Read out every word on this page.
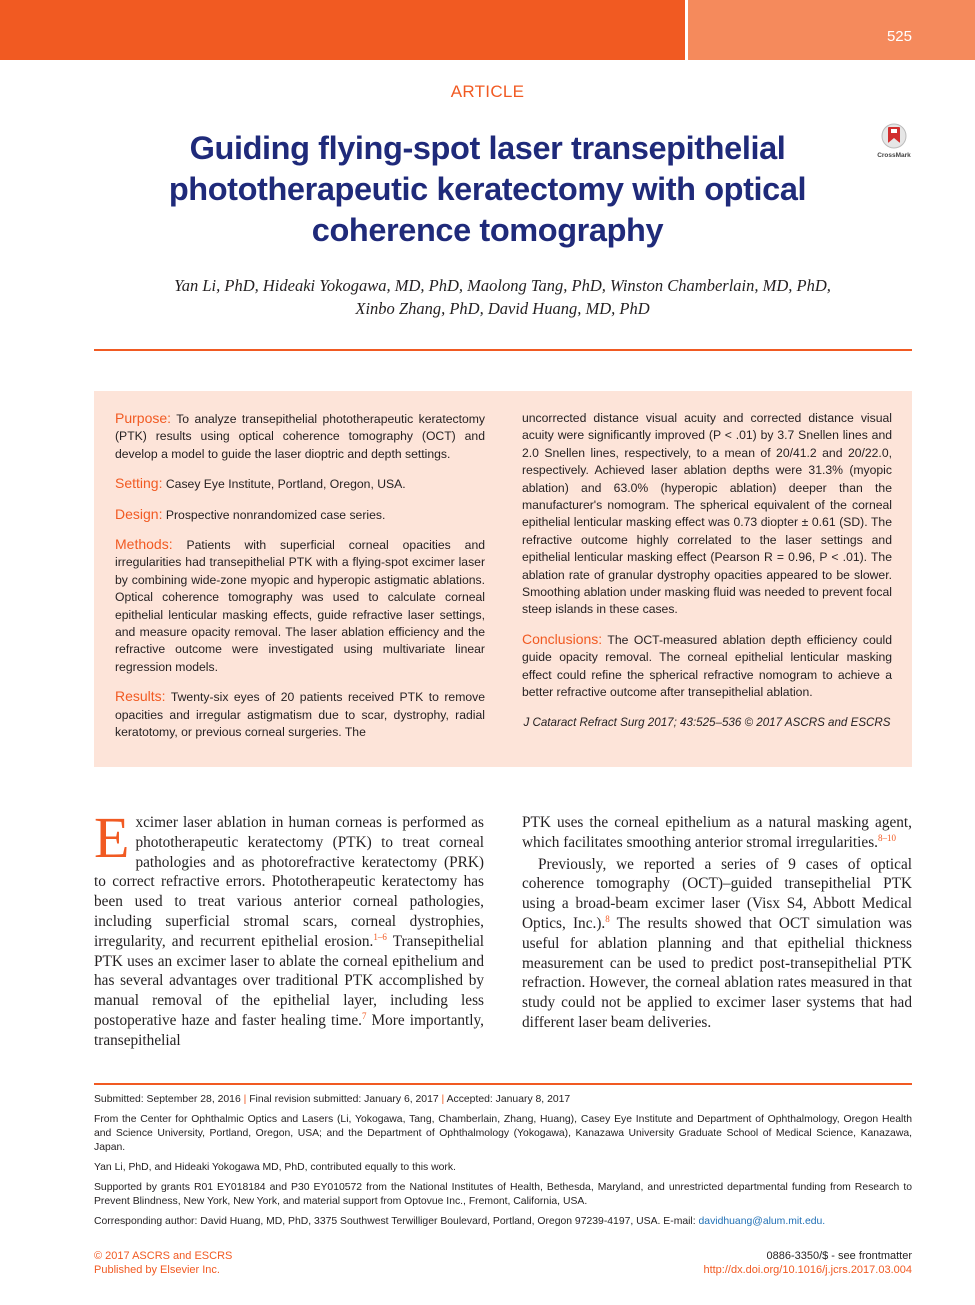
525
ARTICLE
Guiding flying-spot laser transepithelial phototherapeutic keratectomy with optical coherence tomography
CrossMark
Yan Li, PhD, Hideaki Yokogawa, MD, PhD, Maolong Tang, PhD, Winston Chamberlain, MD, PhD,
Xinbo Zhang, PhD, David Huang, MD, PhD

Purpose: To analyze transepithelial phototherapeutic keratectomy (PTK) results using optical coherence tomography (OCT) and develop a model to guide the laser dioptric and depth settings.

Setting: Casey Eye Institute, Portland, Oregon, USA.

Design: Prospective nonrandomized case series.

Methods: Patients with superficial corneal opacities and irregularities had transepithelial PTK with a flying-spot excimer laser by combining wide-zone myopic and hyperopic astigmatic ablations. Optical coherence tomography was used to calculate corneal epithelial lenticular masking effects, guide refractive laser settings, and measure opacity removal. The laser ablation efficiency and the refractive outcome were investigated using multivariate linear regression models.

Results: Twenty-six eyes of 20 patients received PTK to remove opacities and irregular astigmatism due to scar, dystrophy, radial keratotomy, or previous corneal surgeries. The

uncorrected distance visual acuity and corrected distance visual acuity were significantly improved (P < .01) by 3.7 Snellen lines and 2.0 Snellen lines, respectively, to a mean of 20/41.2 and 20/22.0, respectively. Achieved laser ablation depths were 31.3% (myopic ablation) and 63.0% (hyperopic ablation) deeper than the manufacturer's nomogram. The spherical equivalent of the corneal epithelial lenticular masking effect was 0.73 diopter ± 0.61 (SD). The refractive outcome highly correlated to the laser settings and epithelial lenticular masking effect (Pearson R = 0.96, P < .01). The ablation rate of granular dystrophy opacities appeared to be slower. Smoothing ablation under masking fluid was needed to prevent focal steep islands in these cases.

Conclusions: The OCT-measured ablation depth efficiency could guide opacity removal. The corneal epithelial lenticular masking effect could refine the spherical refractive nomogram to achieve a better refractive outcome after transepithelial ablation.

J Cataract Refract Surg 2017; 43:525–536 © 2017 ASCRS and ESCRS

Excimer laser ablation in human corneas is performed as phototherapeutic keratectomy (PTK) to treat corneal pathologies and as photorefractive keratectomy (PRK) to correct refractive errors. Phototherapeutic keratectomy has been used to treat various anterior corneal pathologies, including superficial stromal scars, corneal dystrophies, irregularity, and recurrent epithelial erosion.$^{1-6}$ Transepithelial PTK uses an excimer laser to ablate the corneal epithelium and has several advantages over traditional PTK accomplished by manual removal of the epithelial layer, including less postoperative haze and faster healing time.$^7$ More importantly, transepithelial

PTK uses the corneal epithelium as a natural masking agent, which facilitates smoothing anterior stromal irregularities.$^{8-10}$

Previously, we reported a series of 9 cases of optical coherence tomography (OCT)–guided transepithelial PTK using a broad-beam excimer laser (Visx S4, Abbott Medical Optics, Inc.).$^8$ The results showed that OCT simulation was useful for ablation planning and that epithelial thickness measurement can be used to predict post-transepithelial PTK refraction. However, the corneal ablation rates measured in that study could not be applied to excimer laser systems that had different laser beam deliveries.

Submitted: September 28, 2016 | Final revision submitted: January 6, 2017 | Accepted: January 8, 2017

From the Center for Ophthalmic Optics and Lasers (Li, Yokogawa, Tang, Chamberlain, Zhang, Huang), Casey Eye Institute and Department of Ophthalmology, Oregon Health and Science University, Portland, Oregon, USA; and the Department of Ophthalmology (Yokogawa), Kanazawa University Graduate School of Medical Science, Kanazawa, Japan.

Yan Li, PhD, and Hideaki Yokogawa MD, PhD, contributed equally to this work.

Supported by grants R01 EY018184 and P30 EY010572 from the National Institutes of Health, Bethesda, Maryland, and unrestricted departmental funding from Research to Prevent Blindness, New York, New York, and material support from Optovue Inc., Fremont, California, USA.

Corresponding author: David Huang, MD, PhD, 3375 Southwest Terwilliger Boulevard, Portland, Oregon 97239-4197, USA. E-mail: davidhuang@alum.mit.edu.

© 2017 ASCRS and ESCRS
Published by Elsevier Inc.
0886-3350/$ - see frontmatter
http://dx.doi.org/10.1016/j.jcrs.2017.03.004
